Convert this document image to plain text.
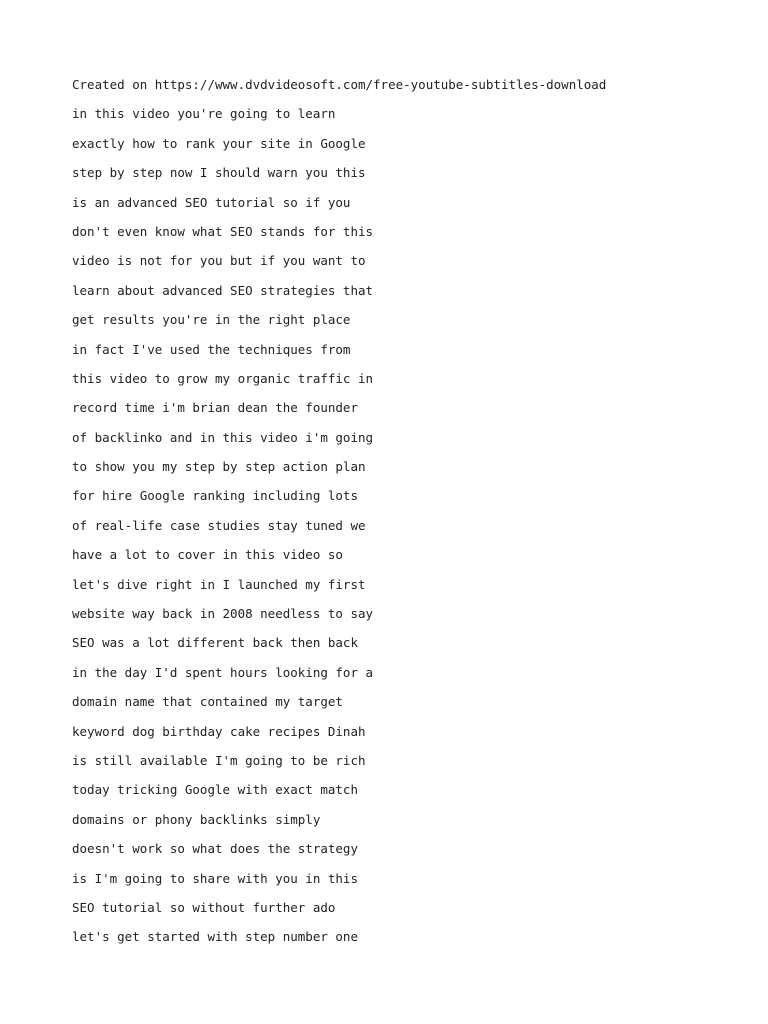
Created on https://www.dvdvideosoft.com/free-youtube-subtitles-download
in this video you're going to learn
exactly how to rank your site in Google
step by step now I should warn you this
is an advanced SEO tutorial so if you
don't even know what SEO stands for this
video is not for you but if you want to
learn about advanced SEO strategies that
get results you're in the right place
in fact I've used the techniques from
this video to grow my organic traffic in
record time i'm brian dean the founder
of backlinko and in this video i'm going
to show you my step by step action plan
for hire Google ranking including lots
of real-life case studies stay tuned we
have a lot to cover in this video so
let's dive right in I launched my first
website way back in 2008 needless to say
SEO was a lot different back then back
in the day I'd spent hours looking for a
domain name that contained my target
keyword dog birthday cake recipes Dinah
is still available I'm going to be rich
today tricking Google with exact match
domains or phony backlinks simply
doesn't work so what does the strategy
is I'm going to share with you in this
SEO tutorial so without further ado
let's get started with step number one
